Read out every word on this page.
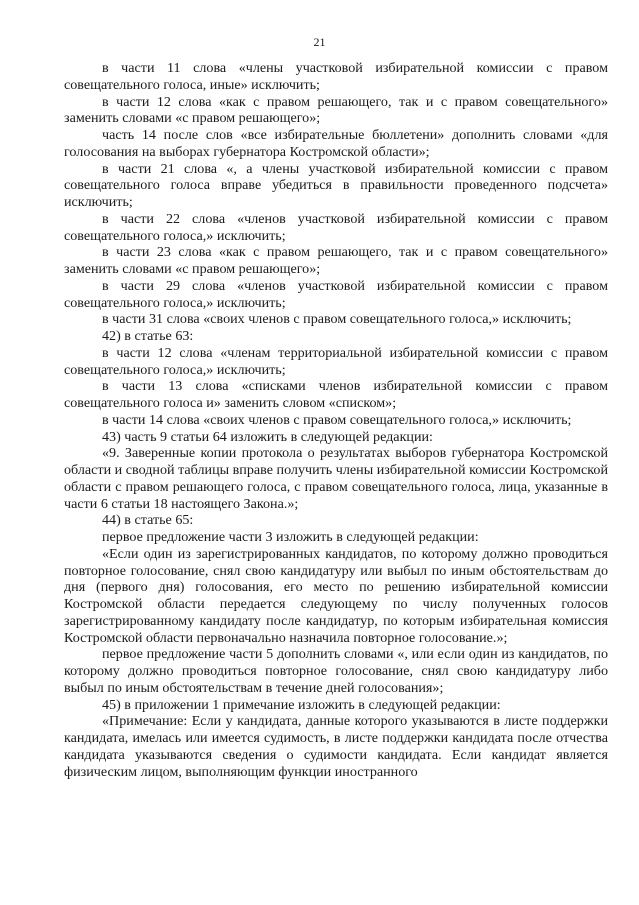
21

в части 11 слова «члены участковой избирательной комиссии с правом совещательного голоса, иные» исключить;

в части 12 слова «как с правом решающего, так и с правом совещательного» заменить словами «с правом решающего»;

часть 14 после слов «все избирательные бюллетени» дополнить словами «для голосования на выборах губернатора Костромской области»;

в части 21 слова «, а члены участковой избирательной комиссии с правом совещательного голоса вправе убедиться в правильности проведенного подсчета» исключить;

в части 22 слова «членов участковой избирательной комиссии с правом совещательного голоса,» исключить;

в части 23 слова «как с правом решающего, так и с правом совещательного» заменить словами «с правом решающего»;

в части 29 слова «членов участковой избирательной комиссии с правом совещательного голоса,» исключить;

в части 31 слова «своих членов с правом совещательного голоса,» исключить;

42) в статье 63:

в части 12 слова «членам территориальной избирательной комиссии с правом совещательного голоса,» исключить;

в части 13 слова «списками членов избирательной комиссии с правом совещательного голоса и» заменить словом «списком»;

в части 14 слова «своих членов с правом совещательного голоса,» исключить;

43) часть 9 статьи 64 изложить в следующей редакции:

«9. Заверенные копии протокола о результатах выборов губернатора Костромской области и сводной таблицы вправе получить члены избирательной комиссии Костромской области с правом решающего голоса, с правом совещательного голоса, лица, указанные в части 6 статьи 18 настоящего Закона.»;

44) в статье 65:

первое предложение части 3 изложить в следующей редакции:

«Если один из зарегистрированных кандидатов, по которому должно проводиться повторное голосование, снял свою кандидатуру или выбыл по иным обстоятельствам до дня (первого дня) голосования, его место по решению избирательной комиссии Костромской области передается следующему по числу полученных голосов зарегистрированному кандидату после кандидатур, по которым избирательная комиссия Костромской области первоначально назначила повторное голосование.»;

первое предложение части 5 дополнить словами «, или если один из кандидатов, по которому должно проводиться повторное голосование, снял свою кандидатуру либо выбыл по иным обстоятельствам в течение дней голосования»;

45) в приложении 1 примечание изложить в следующей редакции:

«Примечание: Если у кандидата, данные которого указываются в листе поддержки кандидата, имелась или имеется судимость, в листе поддержки кандидата после отчества кандидата указываются сведения о судимости кандидата. Если кандидат является физическим лицом, выполняющим функции иностранного
